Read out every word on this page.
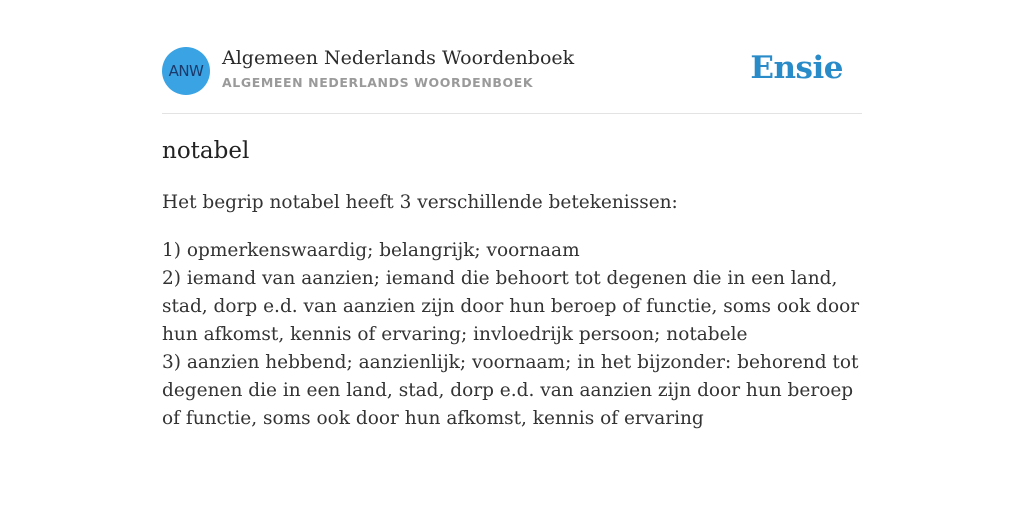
ANW
Algemeen Nederlands Woordenboek
ALGEMEEN NEDERLANDS WOORDENBOEK	Ensie
notabel
Het begrip notabel heeft 3 verschillende betekenissen:
1) opmerkenswaardig; belangrijk; voornaam
2) iemand van aanzien; iemand die behoort tot degenen die in een land, stad, dorp e.d. van aanzien zijn door hun beroep of functie, soms ook door hun afkomst, kennis of ervaring; invloedrijk persoon; notabele
3) aanzien hebbend; aanzienlijk; voornaam; in het bijzonder: behorend tot degenen die in een land, stad, dorp e.d. van aanzien zijn door hun beroep of functie, soms ook door hun afkomst, kennis of ervaring
